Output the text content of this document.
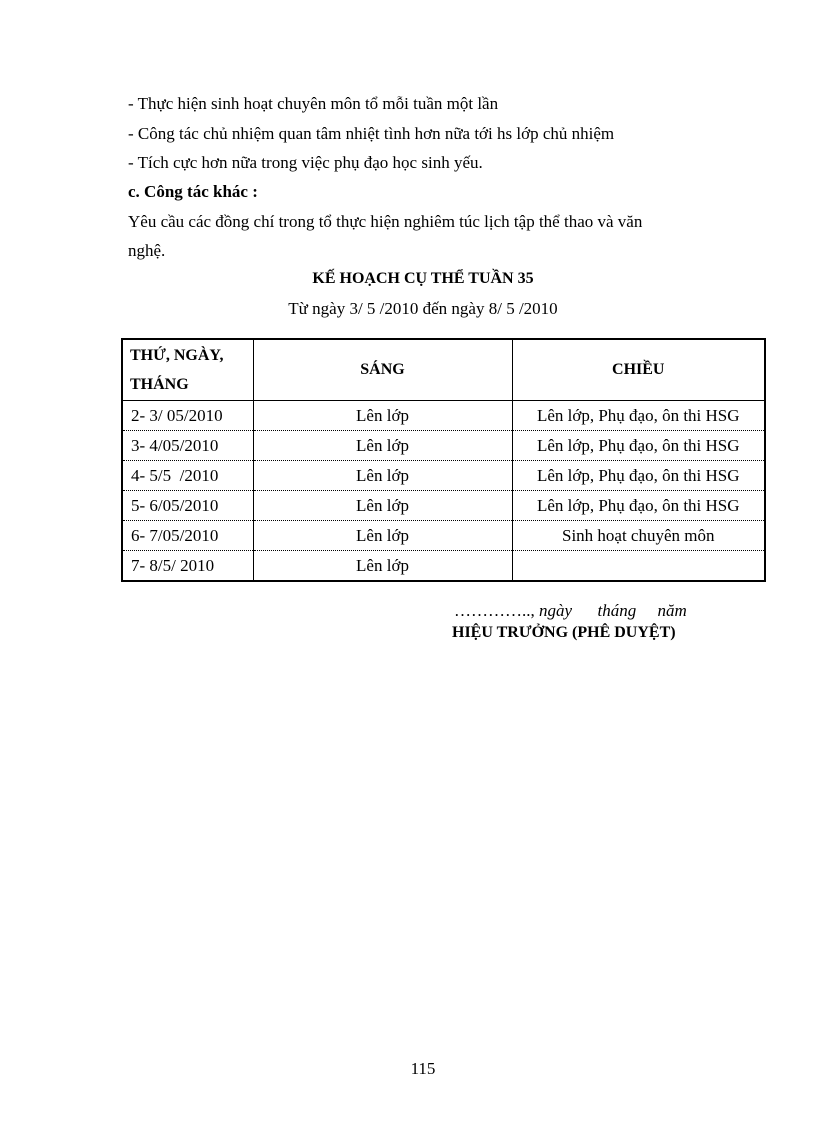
- Thực hiện sinh hoạt chuyên môn tổ mỗi tuần một lần
- Công tác chủ nhiệm quan tâm nhiệt tình hơn nữa tới hs lớp chủ nhiệm
- Tích cực hơn nữa trong việc phụ đạo học sinh yếu.
c. Công tác khác :
Yêu cầu các đồng chí trong tổ thực hiện nghiêm túc lịch tập thể thao và văn
nghệ.
KẾ HOẠCH CỤ THỂ TUẦN 35
Từ ngày 3/ 5 /2010 đến ngày 8/ 5 /2010
THỨ, NGÀY,
THÁNG	SÁNG	CHIỀU
2- 3/ 05/2010	Lên lớp	Lên lớp, Phụ đạo, ôn thi HSG
3- 4/05/2010	Lên lớp	Lên lớp, Phụ đạo, ôn thi HSG
4- 5/5  /2010	Lên lớp	Lên lớp, Phụ đạo, ôn thi HSG
5- 6/05/2010	Lên lớp	Lên lớp, Phụ đạo, ôn thi HSG
6- 7/05/2010	Lên lớp	Sinh hoạt chuyên môn
7- 8/5/ 2010	Lên lớp	
………….., ngày      tháng     năm
HIỆU TRƯỞNG (PHÊ DUYỆT)
115
